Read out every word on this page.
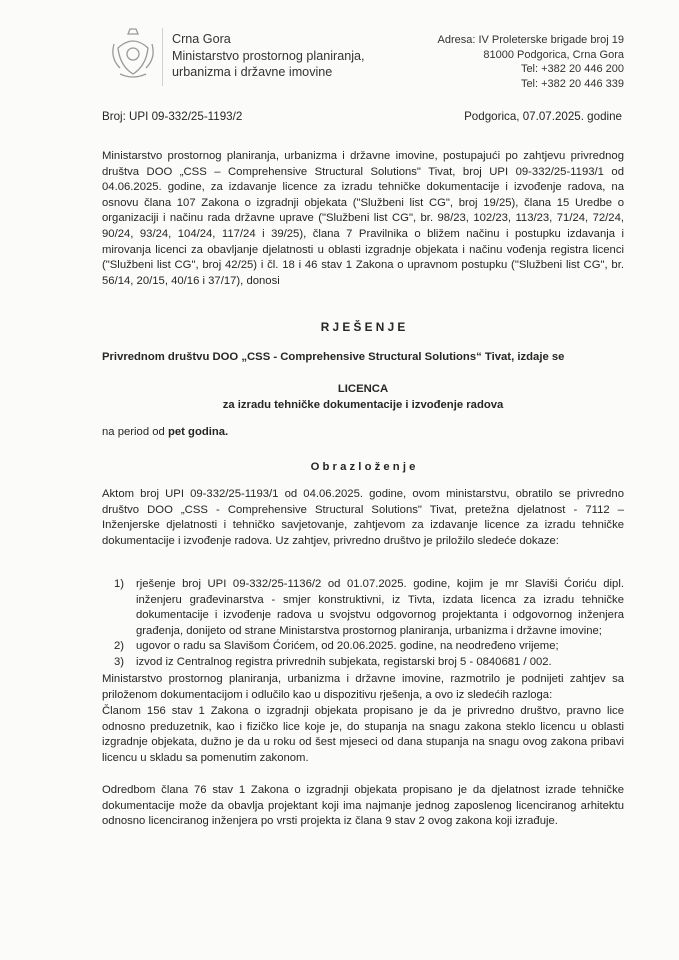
Crna Gora
Ministarstvo prostornog planiranja,
urbanizma i državne imovine
Adresa: IV Proleterske brigade broj 19
81000 Podgorica, Crna Gora
Tel: +382 20 446 200
Tel: +382 20 446 339
Broj: UPI 09-332/25-1193/2	Podgorica, 07.07.2025. godine
Ministarstvo prostornog planiranja, urbanizma i državne imovine, postupajući po zahtjevu privrednog društva DOO „CSS – Comprehensive Structural Solutions" Tivat, broj UPI 09-332/25-1193/1 od 04.06.2025. godine, za izdavanje licence za izradu tehničke dokumentacije i izvođenje radova, na osnovu člana 107 Zakona o izgradnji objekata ("Službeni list CG", broj 19/25), člana 15 Uredbe o organizaciji i načinu rada državne uprave ("Službeni list CG", br. 98/23, 102/23, 113/23, 71/24, 72/24, 90/24, 93/24, 104/24, 117/24 i 39/25), člana 7 Pravilnika o bližem načinu i postupku izdavanja i mirovanja licenci za obavljanje djelatnosti u oblasti izgradnje objekata i načinu vođenja registra licenci ("Službeni list CG", broj 42/25) i čl. 18 i 46 stav 1 Zakona o upravnom postupku ("Službeni list CG", br. 56/14, 20/15, 40/16 i 37/17), donosi
R J E Š E N J E
Privrednom društvu DOO „CSS - Comprehensive Structural Solutions“ Tivat, izdaje se
LICENCA
za izradu tehničke dokumentacije i izvođenje radova
na period od pet godina.
O b r a z l o ž e n j e
Aktom broj UPI 09-332/25-1193/1 od 04.06.2025. godine, ovom ministarstvu, obratilo se privredno društvo DOO „CSS - Comprehensive Structural Solutions" Tivat, pretežna djelatnost - 7112 – Inženjerske djelatnosti i tehničko savjetovanje, zahtjevom za izdavanje licence za izradu tehničke dokumentacije i izvođenje radova. Uz zahtjev, privredno društvo je priložilo sledeće dokaze:
1) rješenje broj UPI 09-332/25-1136/2 od 01.07.2025. godine, kojim je mr Slaviši Ćoriću dipl. inženjeru građevinarstva - smjer konstruktivni, iz Tivta, izdata licenca za izradu tehničke dokumentacije i izvođenje radova u svojstvu odgovornog projektanta i odgovornog inženjera građenja, donijeto od strane Ministarstva prostornog planiranja, urbanizma i državne imovine;
2) ugovor o radu sa Slavišom Ćorićem, od 20.06.2025. godine, na neodređeno vrijeme;
3) izvod iz Centralnog registra privrednih subjekata, registarski broj 5 - 0840681 / 002.
Ministarstvo prostornog planiranja, urbanizma i državne imovine, razmotrilo je podnijeti zahtjev sa priloženom dokumentacijom i odlučilo kao u dispozitivu rješenja, a ovo iz sledećih razloga:
Članom 156 stav 1 Zakona o izgradnji objekata propisano je da je privredno društvo, pravno lice odnosno preduzetnik, kao i fizičko lice koje je, do stupanja na snagu zakona steklo licencu u oblasti izgradnje objekata, dužno je da u roku od šest mjeseci od dana stupanja na snagu ovog zakona pribavi licencu u skladu sa pomenutim zakonom.
Odredbom člana 76 stav 1 Zakona o izgradnji objekata propisano je da djelatnost izrade tehničke dokumentacije može da obavlja projektant koji ima najmanje jednog zaposlenog licenciranog arhitektu odnosno licenciranog inženjera po vrsti projekta iz člana 9 stav 2 ovog zakona koji izrađuje.
